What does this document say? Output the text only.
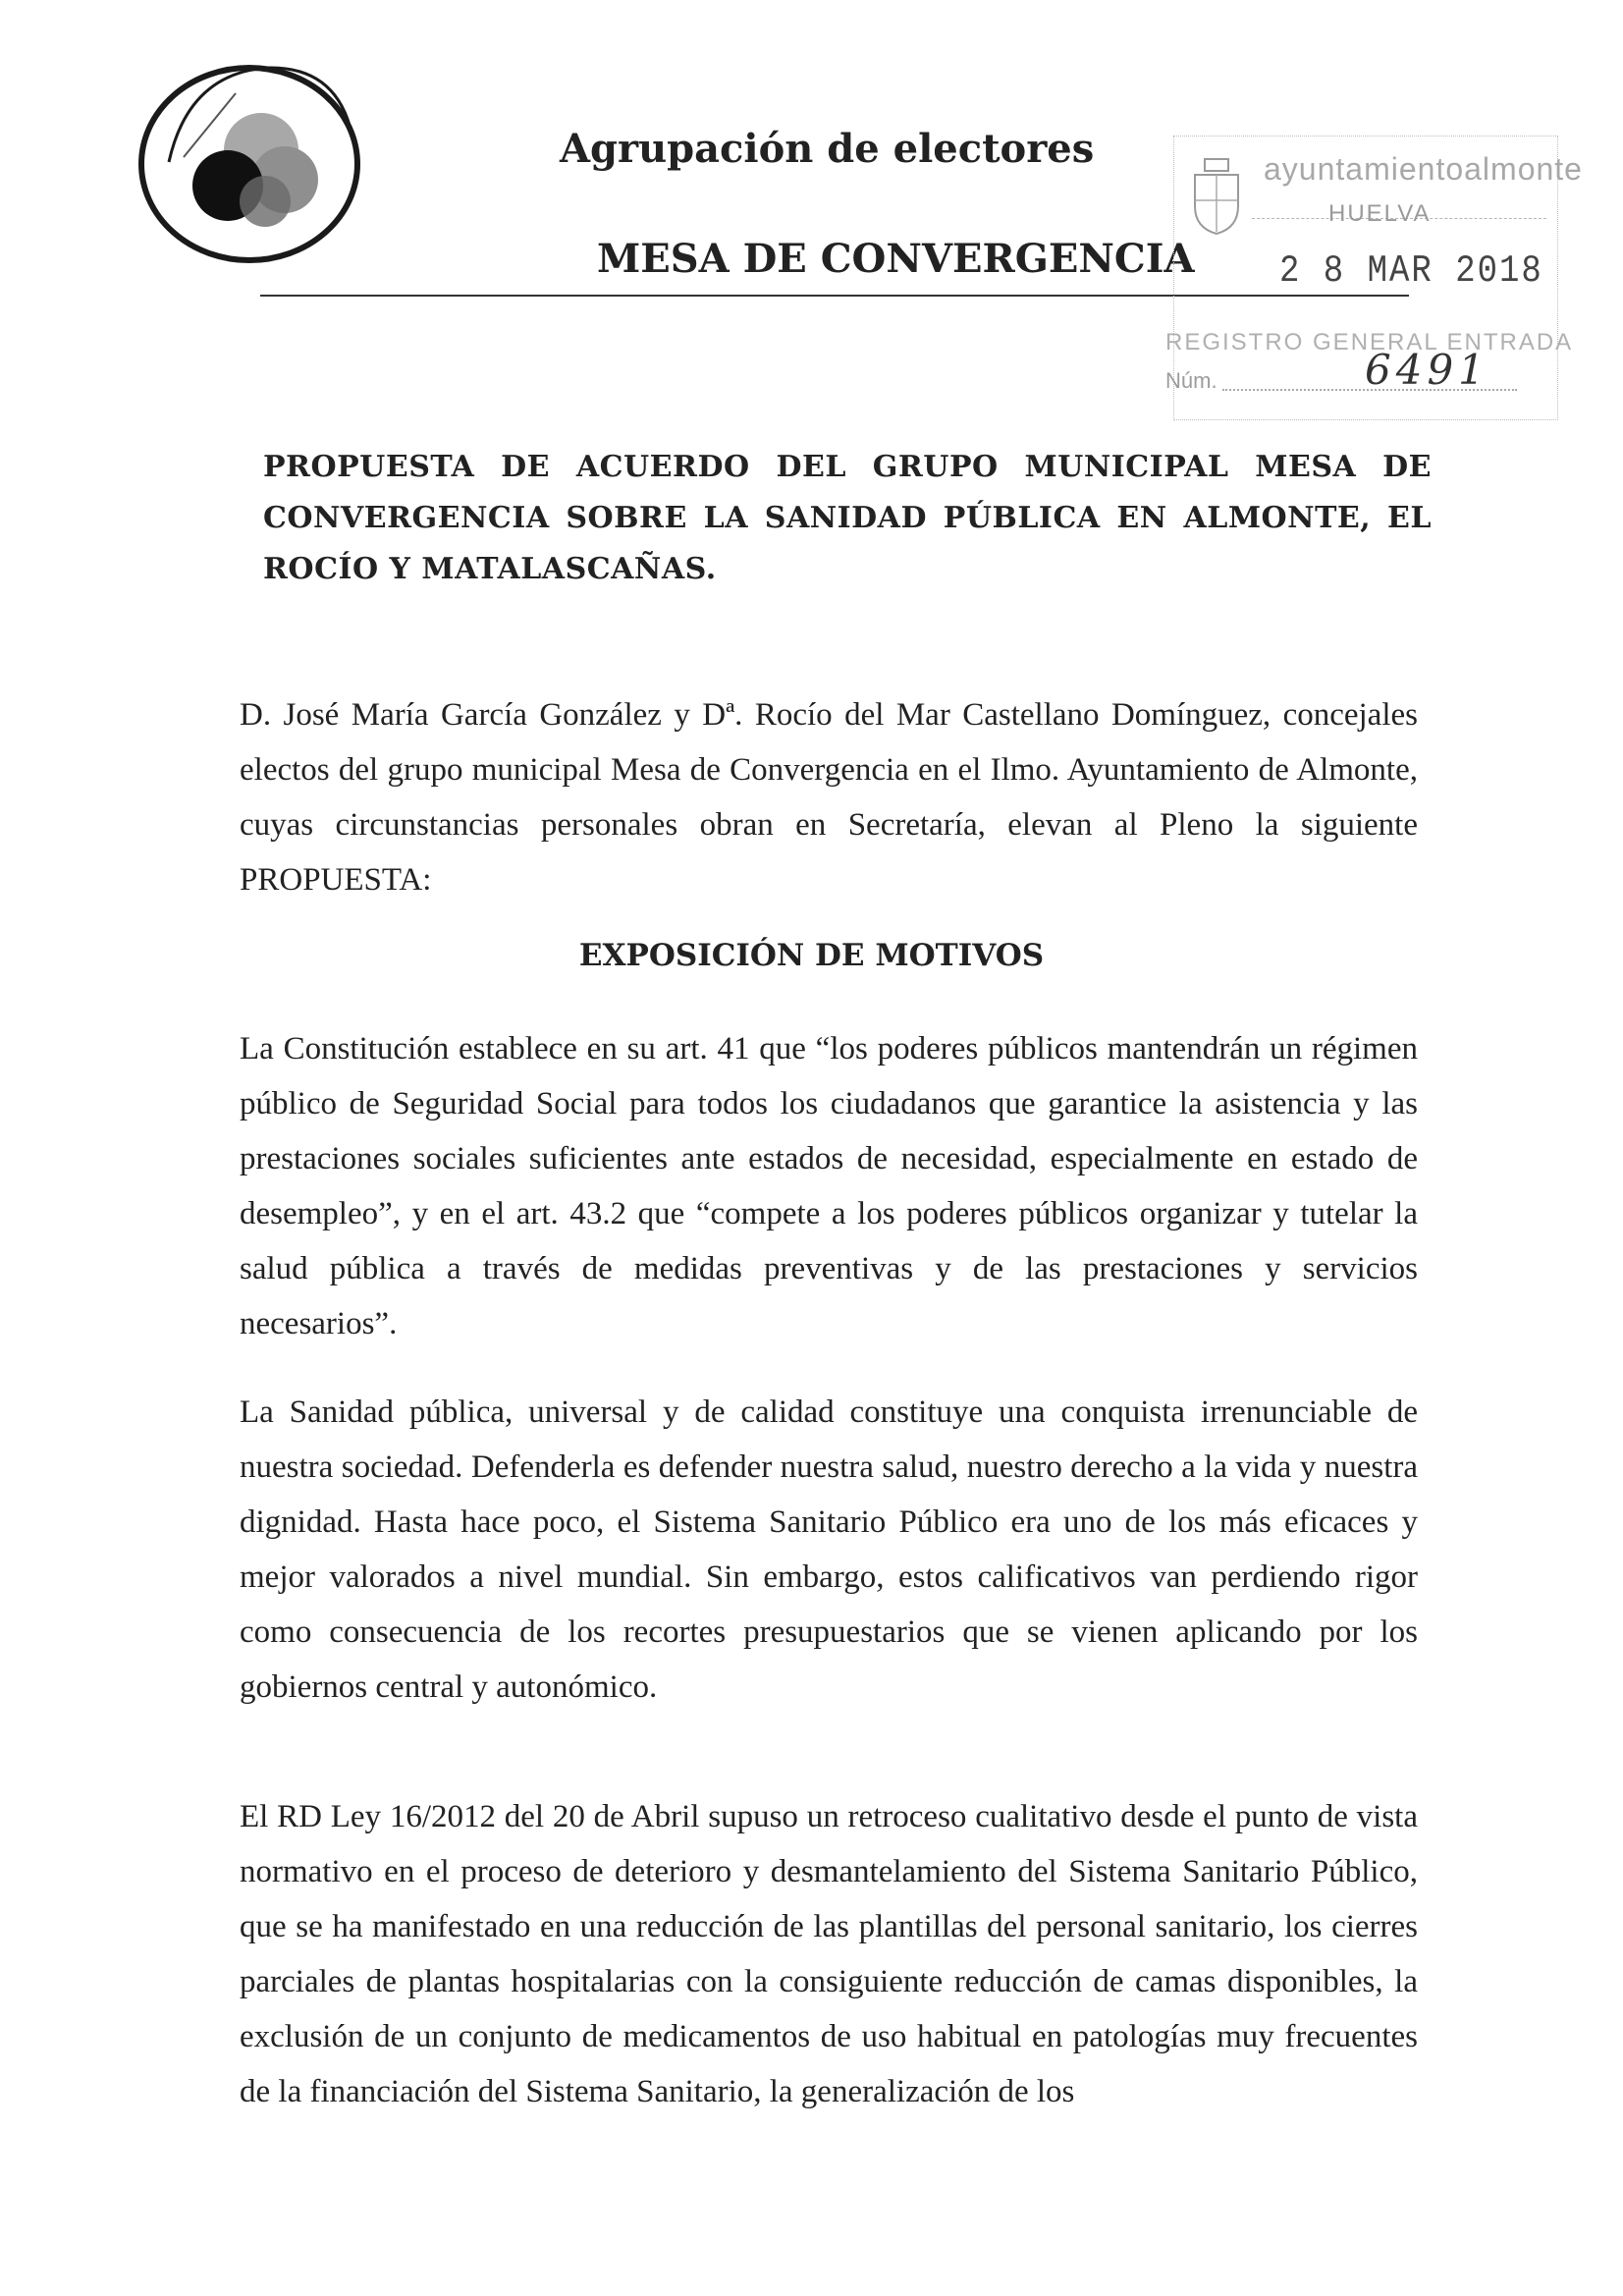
Agrupación de electores
MESA DE CONVERGENCIA
ayuntamientoalmonte
HUELVA
2 8 MAR 2018
REGISTRO GENERAL ENTRADA
Núm.	6491
PROPUESTA DE ACUERDO DEL GRUPO MUNICIPAL MESA DE CONVERGENCIA SOBRE LA SANIDAD PÚBLICA EN ALMONTE, EL ROCÍO Y MATALASCAÑAS.

D. José María García González y Dª. Rocío del Mar Castellano Domínguez, concejales electos del grupo municipal Mesa de Convergencia en el Ilmo. Ayuntamiento de Almonte, cuyas circunstancias personales obran en Secretaría, elevan al Pleno la siguiente PROPUESTA:

EXPOSICIÓN DE MOTIVOS

La Constitución establece en su art. 41 que “los poderes públicos mantendrán un régimen público de Seguridad Social para todos los ciudadanos que garantice la asistencia y las prestaciones sociales suficientes ante estados de necesidad, especialmente en estado de desempleo”, y en el art. 43.2 que “compete a los poderes públicos organizar y tutelar la salud pública a través de medidas preventivas y de las prestaciones y servicios necesarios”.

La Sanidad pública, universal y de calidad constituye una conquista irrenunciable de nuestra sociedad. Defenderla es defender nuestra salud, nuestro derecho a la vida y nuestra dignidad. Hasta hace poco, el Sistema Sanitario Público era uno de los más eficaces y mejor valorados a nivel mundial. Sin embargo, estos calificativos van perdiendo rigor como consecuencia de los recortes presupuestarios que se vienen aplicando por los gobiernos central y autonómico.

El RD Ley 16/2012 del 20 de Abril supuso un retroceso cualitativo desde el punto de vista normativo en el proceso de deterioro y desmantelamiento del Sistema Sanitario Público, que se ha manifestado en una reducción de las plantillas del personal sanitario, los cierres parciales de plantas hospitalarias con la consiguiente reducción de camas disponibles, la exclusión de un conjunto de medicamentos de uso habitual en patologías muy frecuentes de la financiación del Sistema Sanitario, la generalización de los
